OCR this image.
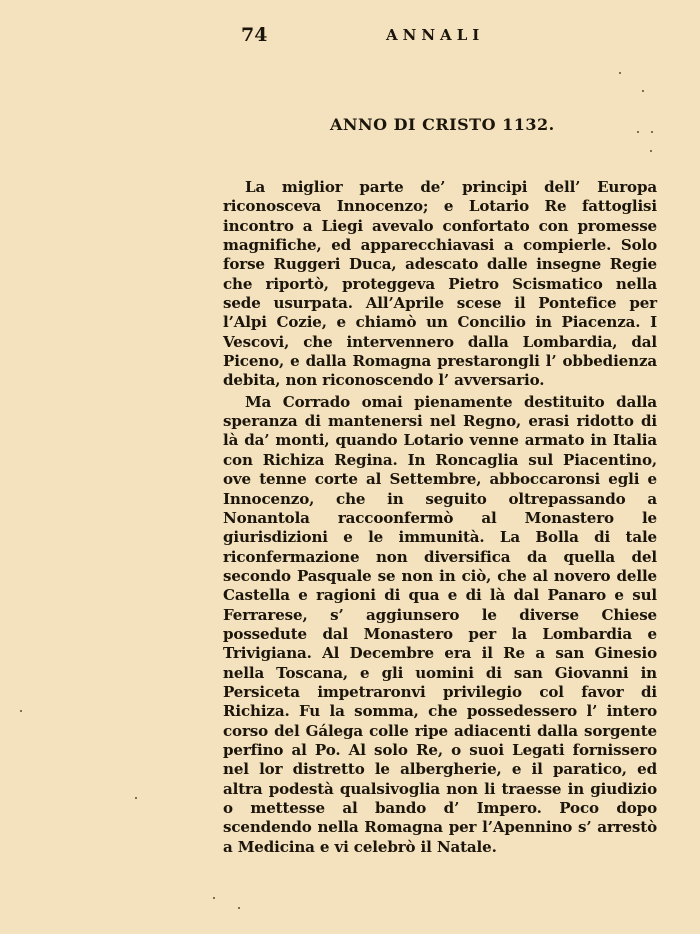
74	ANNALI
ANNO DI CRISTO 1132.

La miglior parte de’ principi dell’ Europa riconosceva Innocenzo; e Lotario Re fattoglisi incontro a Liegi avevalo confortato con promesse magnifiche, ed apparecchiavasi a compierle. Solo forse Ruggeri Duca, adescato dalle insegne Regie che riportò, proteggeva Pietro Scismatico nella sede usurpata. All’Aprile scese il Pontefice per l’Alpi Cozie, e chiamò un Concilio in Piacenza. I Vescovi, che intervennero dalla Lombardia, dal Piceno, e dalla Romagna prestarongli l’ obbedienza debita, non riconoscendo l’ avversario.

Ma Corrado omai pienamente destituito dalla speranza di mantenersi nel Regno, erasi ridotto di là da’ monti, quando Lotario venne armato in Italia con Richiza Regina. In Roncaglia sul Piacentino, ove tenne corte al Settembre, abboccaronsi egli e Innocenzo, che in seguito oltrepassando a Nonantola raccoonfermò al Monastero le giurisdizioni e le immunità. La Bolla di tale riconfermazione non diversifica da quella del secondo Pasquale se non in ciò, che al novero delle Castella e ragioni di qua e di là dal Panaro e sul Ferrarese, s’ aggiunsero le diverse Chiese possedute dal Monastero per la Lombardia e Trivigiana. Al Decembre era il Re a san Ginesio nella Toscana, e gli uomini di san Giovanni in Persiceta impetraronvi privilegio col favor di Richiza. Fu la somma, che possedessero l’ intero corso del Gálega colle ripe adiacenti dalla sorgente perfino al Po. Al solo Re, o suoi Legati fornissero nel lor distretto le albergherie, e il paratico, ed altra podestà qualsivoglia non li traesse in giudizio o mettesse al bando d’ Impero. Poco dopo scendendo nella Romagna per l’Apennino s’ arrestò a Medicina e vi celebrò il Natale.
